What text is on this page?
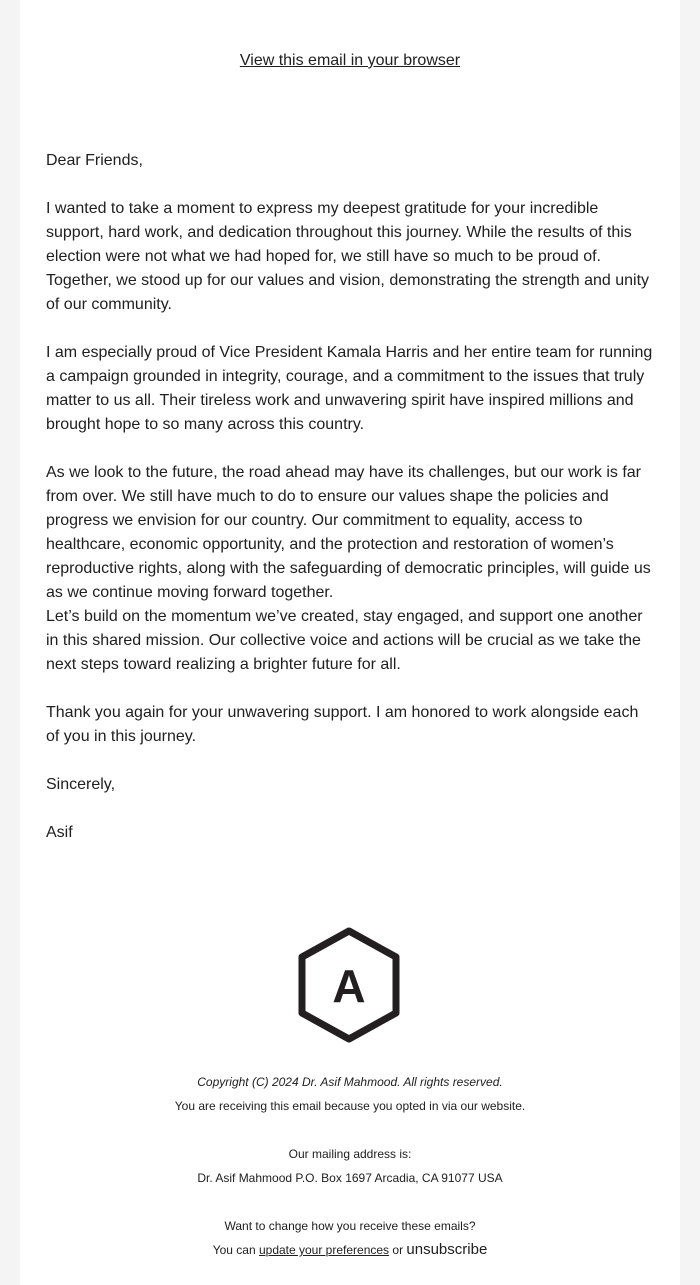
View this email in your browser

Dear Friends,

I wanted to take a moment to express my deepest gratitude for your incredible support, hard work, and dedication throughout this journey. While the results of this election were not what we had hoped for, we still have so much to be proud of. Together, we stood up for our values and vision, demonstrating the strength and unity of our community.

I am especially proud of Vice President Kamala Harris and her entire team for running a campaign grounded in integrity, courage, and a commitment to the issues that truly matter to us all. Their tireless work and unwavering spirit have inspired millions and brought hope to so many across this country.

As we look to the future, the road ahead may have its challenges, but our work is far from over. We still have much to do to ensure our values shape the policies and progress we envision for our country. Our commitment to equality, access to healthcare, economic opportunity, and the protection and restoration of women’s reproductive rights, along with the safeguarding of democratic principles, will guide us as we continue moving forward together.

Let’s build on the momentum we’ve created, stay engaged, and support one another in this shared mission. Our collective voice and actions will be crucial as we take the next steps toward realizing a brighter future for all.

Thank you again for your unwavering support. I am honored to work alongside each of you in this journey.

Sincerely,

Asif

A
Copyright (C) 2024 Dr. Asif Mahmood. All rights reserved.
You are receiving this email because you opted in via our website.
Our mailing address is:
Dr. Asif Mahmood P.O. Box 1697 Arcadia, CA 91077 USA
Want to change how you receive these emails?
You can update your preferences or unsubscribe
